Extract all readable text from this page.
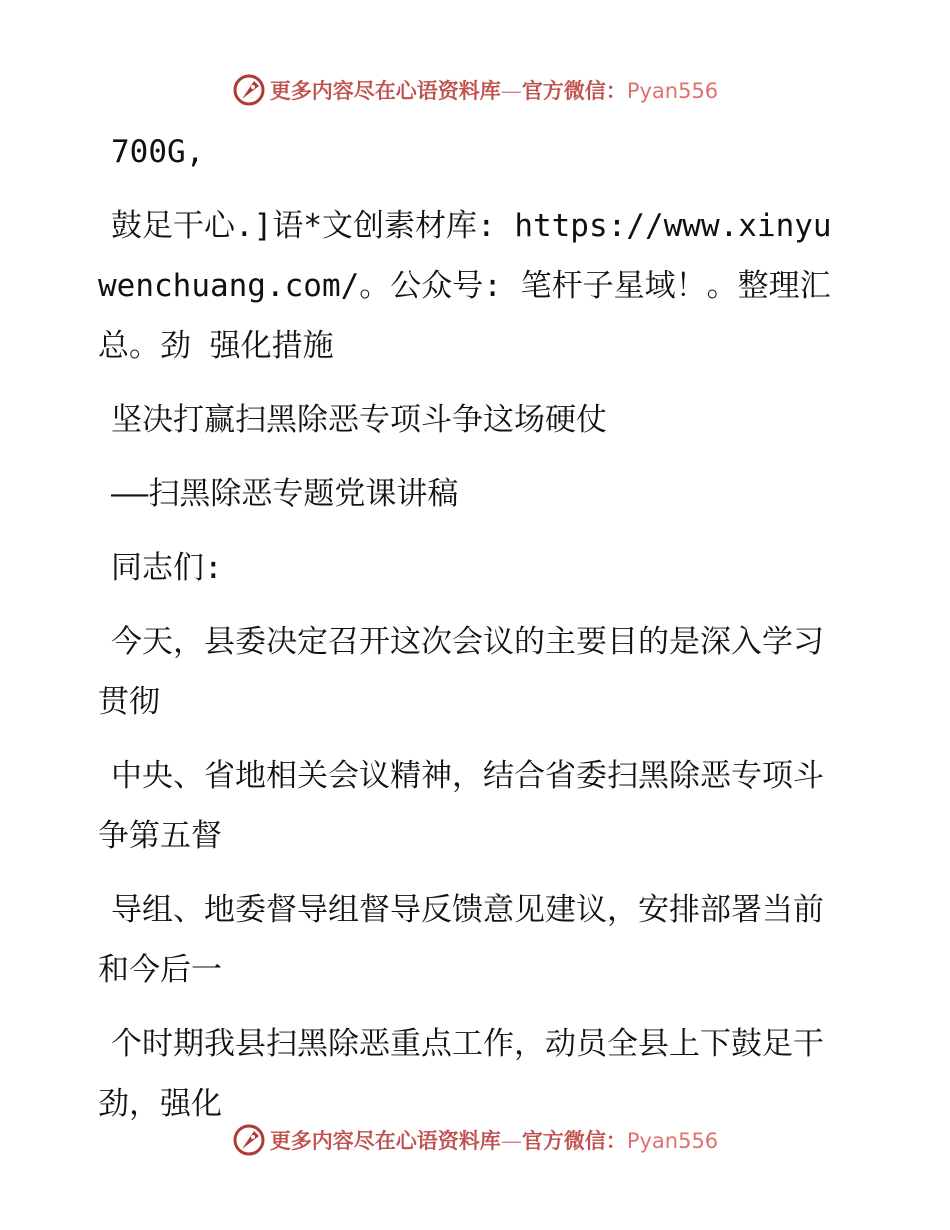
更多内容尽在心语资料库—官方微信：Pyan556

700G,

鼓足干心.]语*文创素材库: https://www.xinyuwenchuang.com/。公众号: 笔杆子星域！。整理汇总。劲 强化措施

坚决打赢扫黑除恶专项斗争这场硬仗

——扫黑除恶专题党课讲稿

同志们:

今天，县委决定召开这次会议的主要目的是深入学习贯彻

中央、省地相关会议精神，结合省委扫黑除恶专项斗争第五督

导组、地委督导组督导反馈意见建议，安排部署当前和今后一

个时期我县扫黑除恶重点工作，动员全县上下鼓足干劲，强化

更多内容尽在心语资料库—官方微信：Pyan556
